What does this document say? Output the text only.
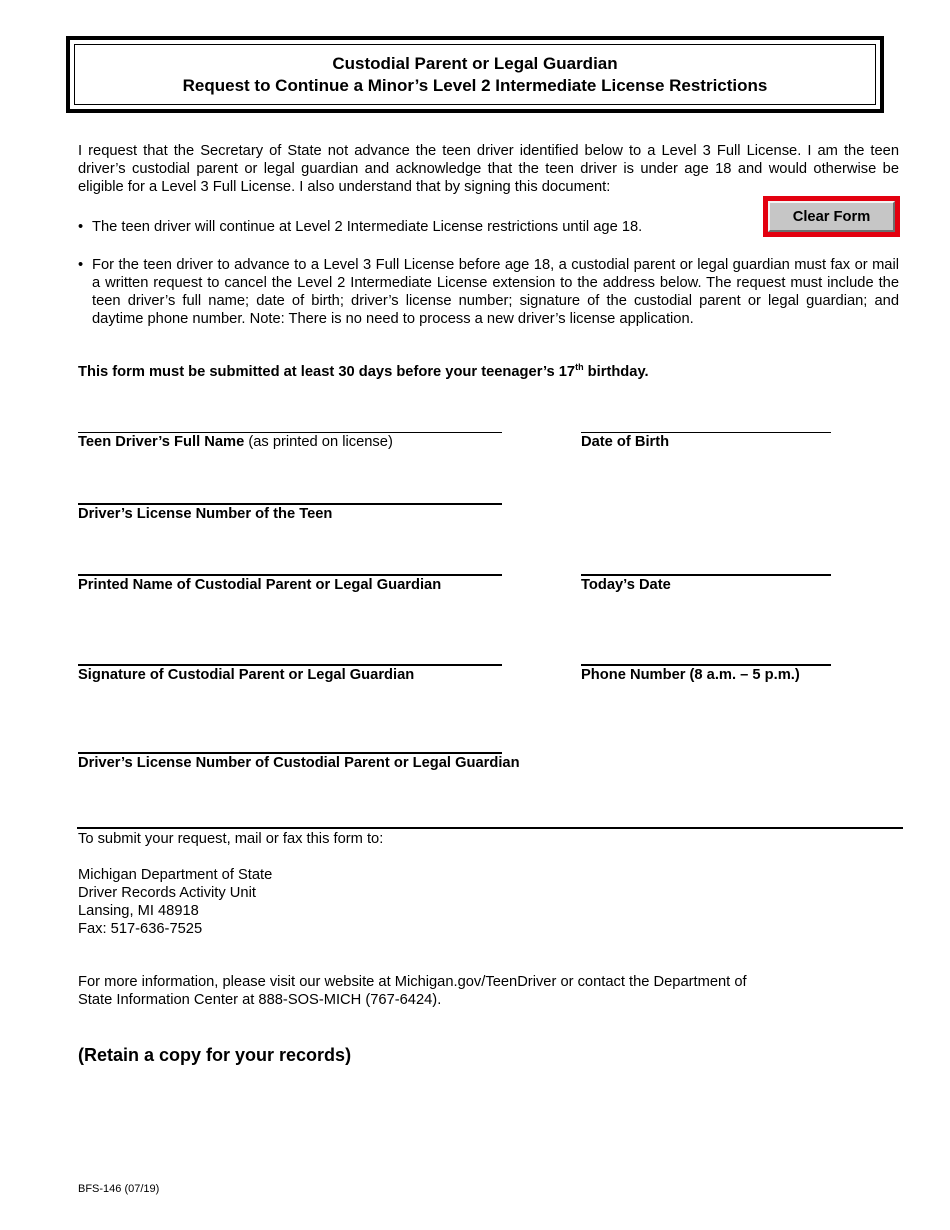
Custodial Parent or Legal Guardian
Request to Continue a Minor’s Level 2 Intermediate License Restrictions
I request that the Secretary of State not advance the teen driver identified below to a Level 3 Full License. I am the teen driver’s custodial parent or legal guardian and acknowledge that the teen driver is under age 18 and would otherwise be eligible for a Level 3 Full License. I also understand that by signing this document:
Clear Form
• The teen driver will continue at Level 2 Intermediate License restrictions until age 18.
• For the teen driver to advance to a Level 3 Full License before age 18, a custodial parent or legal guardian must fax or mail a written request to cancel the Level 2 Intermediate License extension to the address below. The request must include the teen driver’s full name; date of birth; driver’s license number; signature of the custodial parent or legal guardian; and daytime phone number. Note: There is no need to process a new driver’s license application.
This form must be submitted at least 30 days before your teenager’s 17th birthday.
Teen Driver’s Full Name (as printed on license)	Date of Birth
Driver’s License Number of the Teen
Printed Name of Custodial Parent or Legal Guardian	Today’s Date
Signature of Custodial Parent or Legal Guardian	Phone Number (8 a.m. – 5 p.m.)
Driver’s License Number of Custodial Parent or Legal Guardian
To submit your request, mail or fax this form to:
Michigan Department of State
Driver Records Activity Unit
Lansing, MI 48918
Fax: 517-636-7525
For more information, please visit our website at Michigan.gov/TeenDriver or contact the Department of
State Information Center at 888-SOS-MICH (767-6424).
(Retain a copy for your records)
BFS-146 (07/19)
